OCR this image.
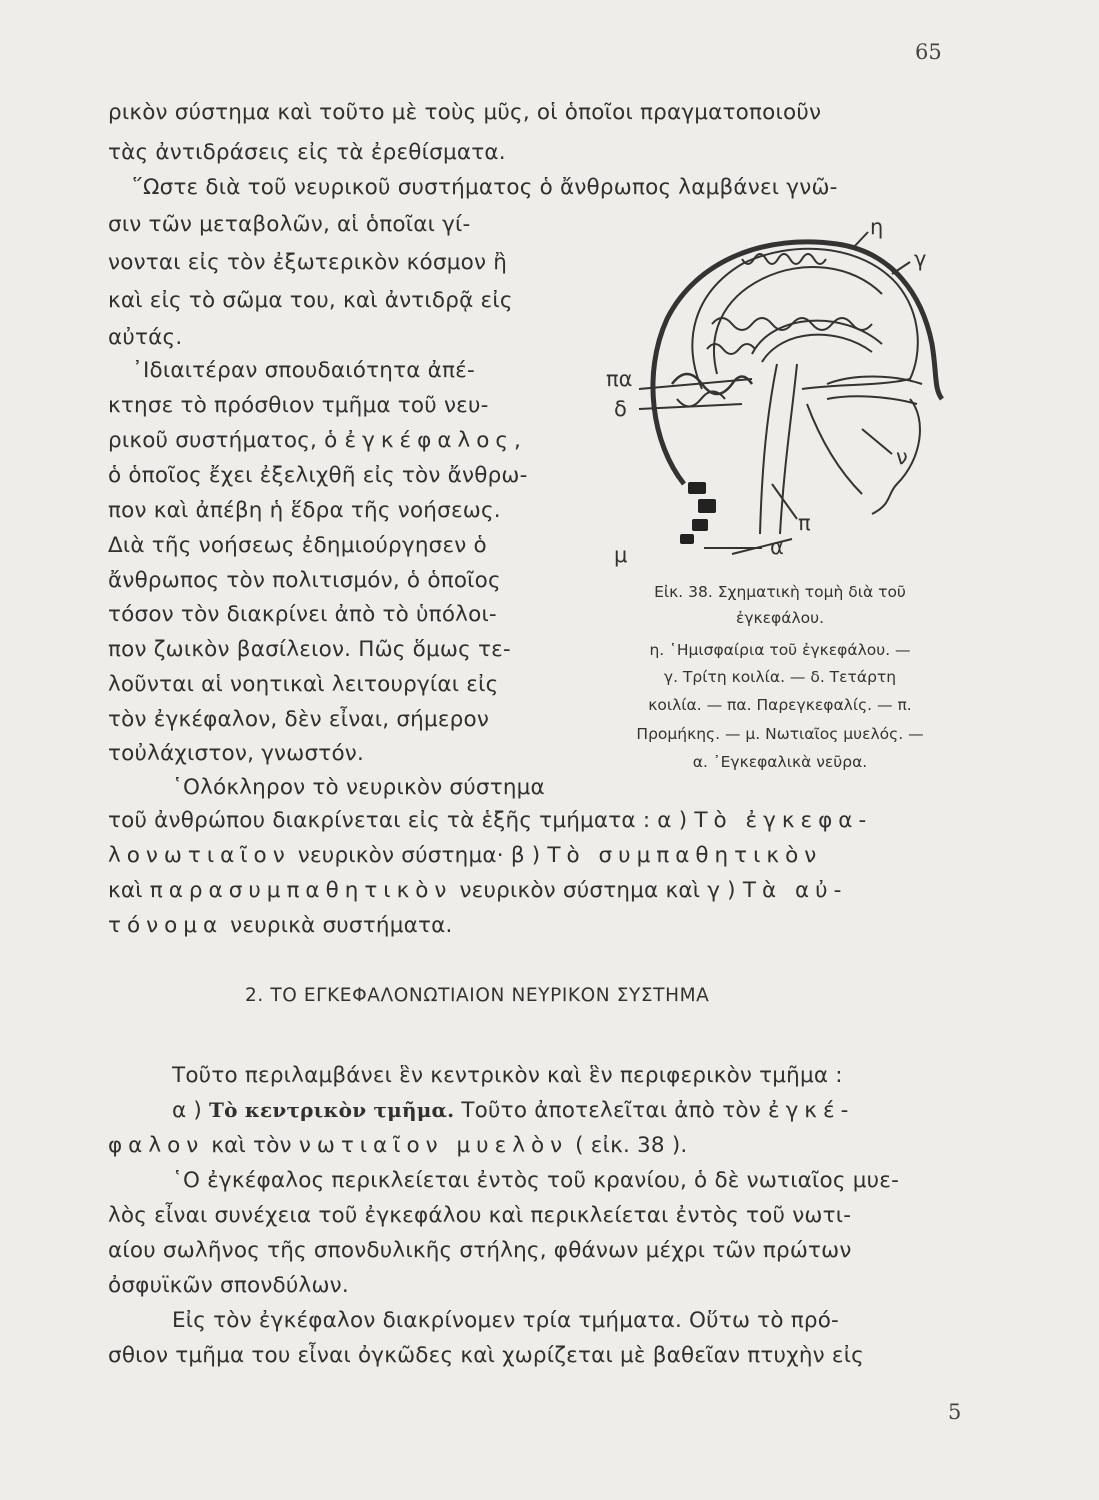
65
ρικὸν σύστημα καὶ τοῦτο μὲ τοὺς μῦς, οἱ ὁποῖοι πραγματοποιοῦν
τὰς ἀντιδράσεις εἰς τὰ ἐρεθίσματα.
῞Ωστε διὰ τοῦ νευρικοῦ συστήματος ὁ ἄνθρωπος λαμβάνει γνῶ-
σιν τῶν μεταβολῶν, αἱ ὁποῖαι γί-
νονται εἰς τὸν ἐξωτερικὸν κόσμον ἢ
καὶ εἰς τὸ σῶμα του, καὶ ἀντιδρᾷ εἰς
αὐτάς.
᾿Ιδιαιτέραν σπουδαιότητα ἀπέ-
κτησε τὸ πρόσθιον τμῆμα τοῦ νευ-
ρικοῦ συστήματος, ὁ ἐγκέφαλος,
ὁ ὁποῖος ἔχει ἐξελιχθῆ εἰς τὸν ἄνθρω-
πον καὶ ἀπέβη ἡ ἕδρα τῆς νοήσεως.
Διὰ τῆς νοήσεως ἐδημιούργησεν ὁ
ἄνθρωπος τὸν πολιτισμόν, ὁ ὁποῖος
τόσον τὸν διακρίνει ἀπὸ τὸ ὑπόλοι-
πον ζωικὸν βασίλειον. Πῶς ὅμως τε-
λοῦνται αἱ νοητικαὶ λειτουργίαι εἰς
τὸν ἐγκέφαλον, δὲν εἶναι, σήμερον
τοὐλάχιστον, γνωστόν.
῾Ολόκληρον τὸ νευρικὸν σύστημα
η
γ
πα
δ
ν
π
μ	α
Εἰκ. 38. Σχηματικὴ τομὴ διὰ τοῦ
ἐγκεφάλου.
η. ῾Ημισφαίρια τοῦ ἐγκεφάλου. —
γ. Τρίτη κοιλία. — δ. Τετάρτη
κοιλία. — πα. Παρεγκεφαλίς. — π.
Προμήκης. — μ. Νωτιαῖος μυελός. —
α. ᾿Εγκεφαλικὰ νεῦρα.
τοῦ ἀνθρώπου διακρίνεται εἰς τὰ ἑξῆς τμήματα : α ) Τὸ ἐγκεφα-
λονωτιαῖον νευρικὸν σύστημα· β ) Τὸ συμπαθητικὸν
καὶ παρασυμπαθητικὸν νευρικὸν σύστημα καὶ γ ) Τὰ αὐ-
τόνομα νευρικὰ συστήματα.
2. ΤΟ ΕΓΚΕΦΑΛΟΝΩΤΙΑΙΟΝ ΝΕΥΡΙΚΟΝ ΣΥΣΤΗΜΑ
Τοῦτο περιλαμβάνει ἓν κεντρικὸν καὶ ἓν περιφερικὸν τμῆμα :
α ) Τὸ κεντρικὸν τμῆμα. Τοῦτο ἀποτελεῖται ἀπὸ τὸν ἐγκέ-
φαλον καὶ τὸν νωτιαῖον μυελὸν ( εἰκ. 38 ).
῾Ο ἐγκέφαλος περικλείεται ἐντὸς τοῦ κρανίου, ὁ δὲ νωτιαῖος μυε-
λὸς εἶναι συνέχεια τοῦ ἐγκεφάλου καὶ περικλείεται ἐντὸς τοῦ νωτι-
αίου σωλῆνος τῆς σπονδυλικῆς στήλης, φθάνων μέχρι τῶν πρώτων
ὀσφυϊκῶν σπονδύλων.
Εἰς τὸν ἐγκέφαλον διακρίνομεν τρία τμήματα. Οὕτω τὸ πρό-
σθιον τμῆμα του εἶναι ὀγκῶδες καὶ χωρίζεται μὲ βαθεῖαν πτυχὴν εἰς
5
